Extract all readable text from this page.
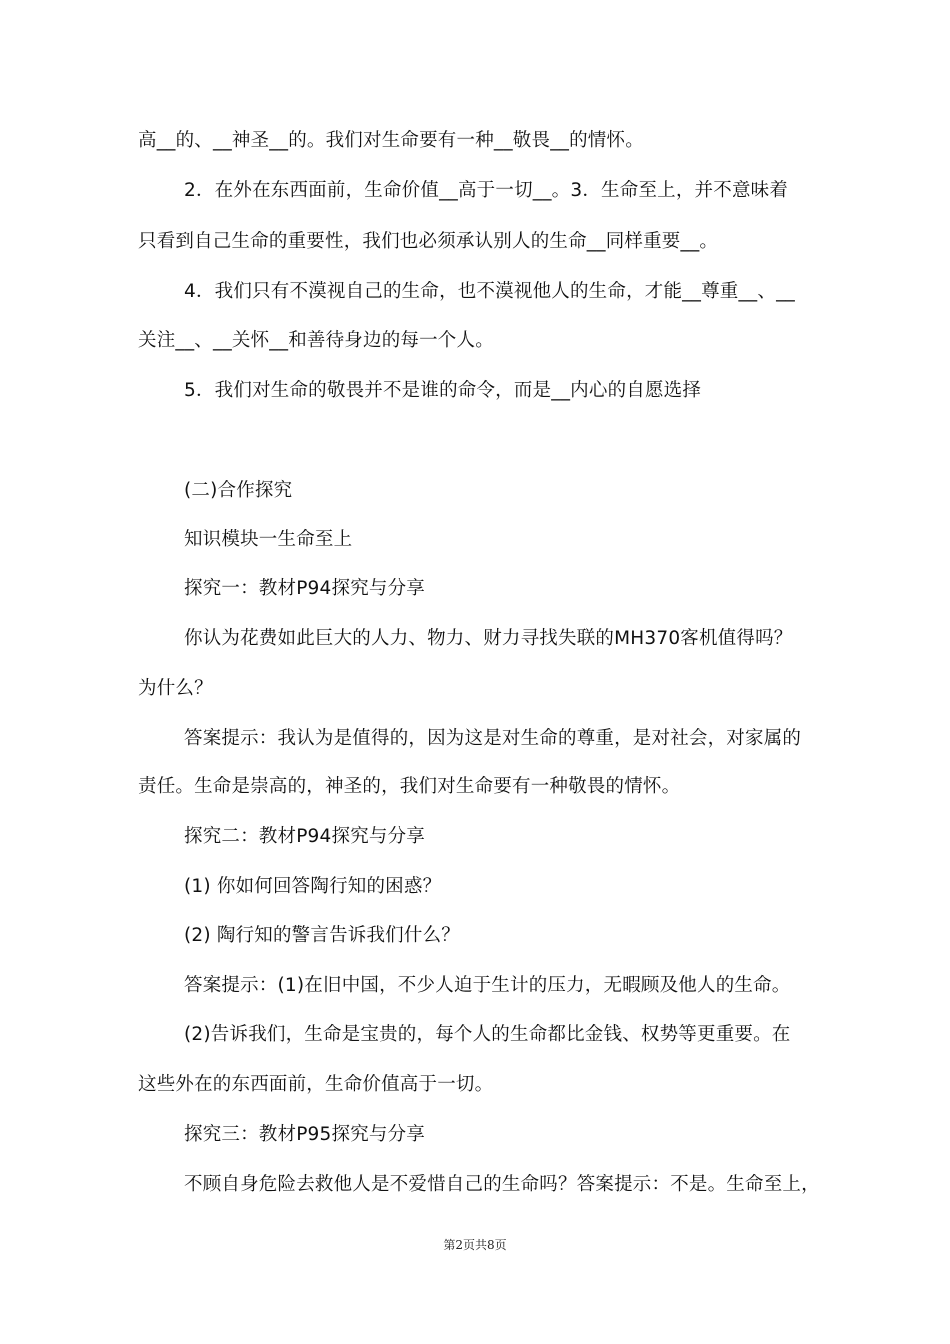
高__的、__神圣__的。我们对生命要有一种__敬畏__的情怀。
2．在外在东西面前，生命价值__高于一切__。3．生命至上，并不意味着
只看到自己生命的重要性，我们也必须承认别人的生命__同样重要__。
4．我们只有不漠视自己的生命，也不漠视他人的生命，才能__尊重__、__
关注__、__关怀__和善待身边的每一个人。
5．我们对生命的敬畏并不是谁的命令，而是__内心的自愿选择
(二)合作探究
知识模块一生命至上
探究一：教材P94探究与分享
你认为花费如此巨大的人力、物力、财力寻找失联的MH370客机值得吗？
为什么？
答案提示：我认为是值得的，因为这是对生命的尊重，是对社会，对家属的
责任。生命是崇高的，神圣的，我们对生命要有一种敬畏的情怀。
探究二：教材P94探究与分享
(1) 你如何回答陶行知的困惑？
(2) 陶行知的警言告诉我们什么？
答案提示：(1)在旧中国，不少人迫于生计的压力，无暇顾及他人的生命。
(2)告诉我们，生命是宝贵的，每个人的生命都比金钱、权势等更重要。在
这些外在的东西面前，生命价值高于一切。
探究三：教材P95探究与分享
不顾自身危险去救他人是不爱惜自己的生命吗？答案提示：不是。生命至上，
第2页共8页
